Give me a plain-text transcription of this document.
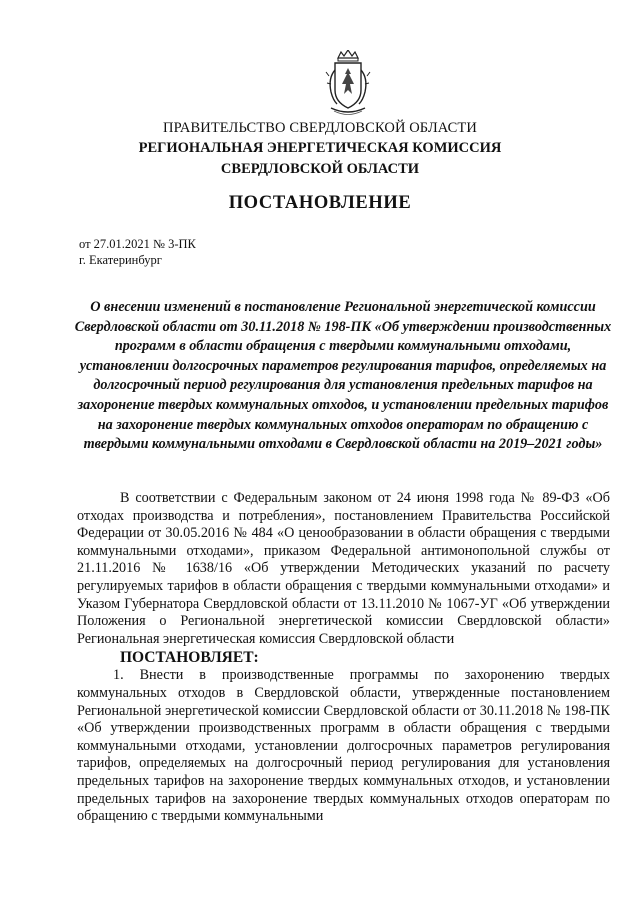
ПРАВИТЕЛЬСТВО СВЕРДЛОВСКОЙ ОБЛАСТИ
РЕГИОНАЛЬНАЯ ЭНЕРГЕТИЧЕСКАЯ КОМИССИЯ
СВЕРДЛОВСКОЙ ОБЛАСТИ
ПОСТАНОВЛЕНИЕ
от 27.01.2021 № 3-ПК
г. Екатеринбург

О внесении изменений в постановление Региональной энергетической комиссии Свердловской области от 30.11.2018 № 198-ПК «Об утверждении производственных программ в области обращения с твердыми коммунальными отходами, установлении долгосрочных параметров регулирования тарифов, определяемых на долгосрочный период регулирования для установления предельных тарифов на захоронение твердых коммунальных отходов, и установлении предельных тарифов на захоронение твердых коммунальных отходов операторам по обращению с твердыми коммунальными отходами в Свердловской области на 2019–2021 годы»

В соответствии с Федеральным законом от 24 июня 1998 года № 89-ФЗ «Об отходах производства и потребления», постановлением Правительства Российской Федерации от 30.05.2016 № 484 «О ценообразовании в области обращения с твердыми коммунальными отходами», приказом Федеральной антимонопольной службы от 21.11.2016 № 1638/16 «Об утверждении Методических указаний по расчету регулируемых тарифов в области обращения с твердыми коммунальными отходами» и Указом Губернатора Свердловской области от 13.11.2010 № 1067-УГ «Об утверждении Положения о Региональной энергетической комиссии Свердловской области» Региональная энергетическая комиссия Свердловской области

ПОСТАНОВЛЯЕТ:

1. Внести в производственные программы по захоронению твердых коммунальных отходов в Свердловской области, утвержденные постановлением Региональной энергетической комиссии Свердловской области от 30.11.2018 № 198-ПК «Об утверждении производственных программ в области обращения с твердыми коммунальными отходами, установлении долгосрочных параметров регулирования тарифов, определяемых на долгосрочный период регулирования для установления предельных тарифов на захоронение твердых коммунальных отходов, и установлении предельных тарифов на захоронение твердых коммунальных отходов операторам по обращению с твердыми коммунальными
